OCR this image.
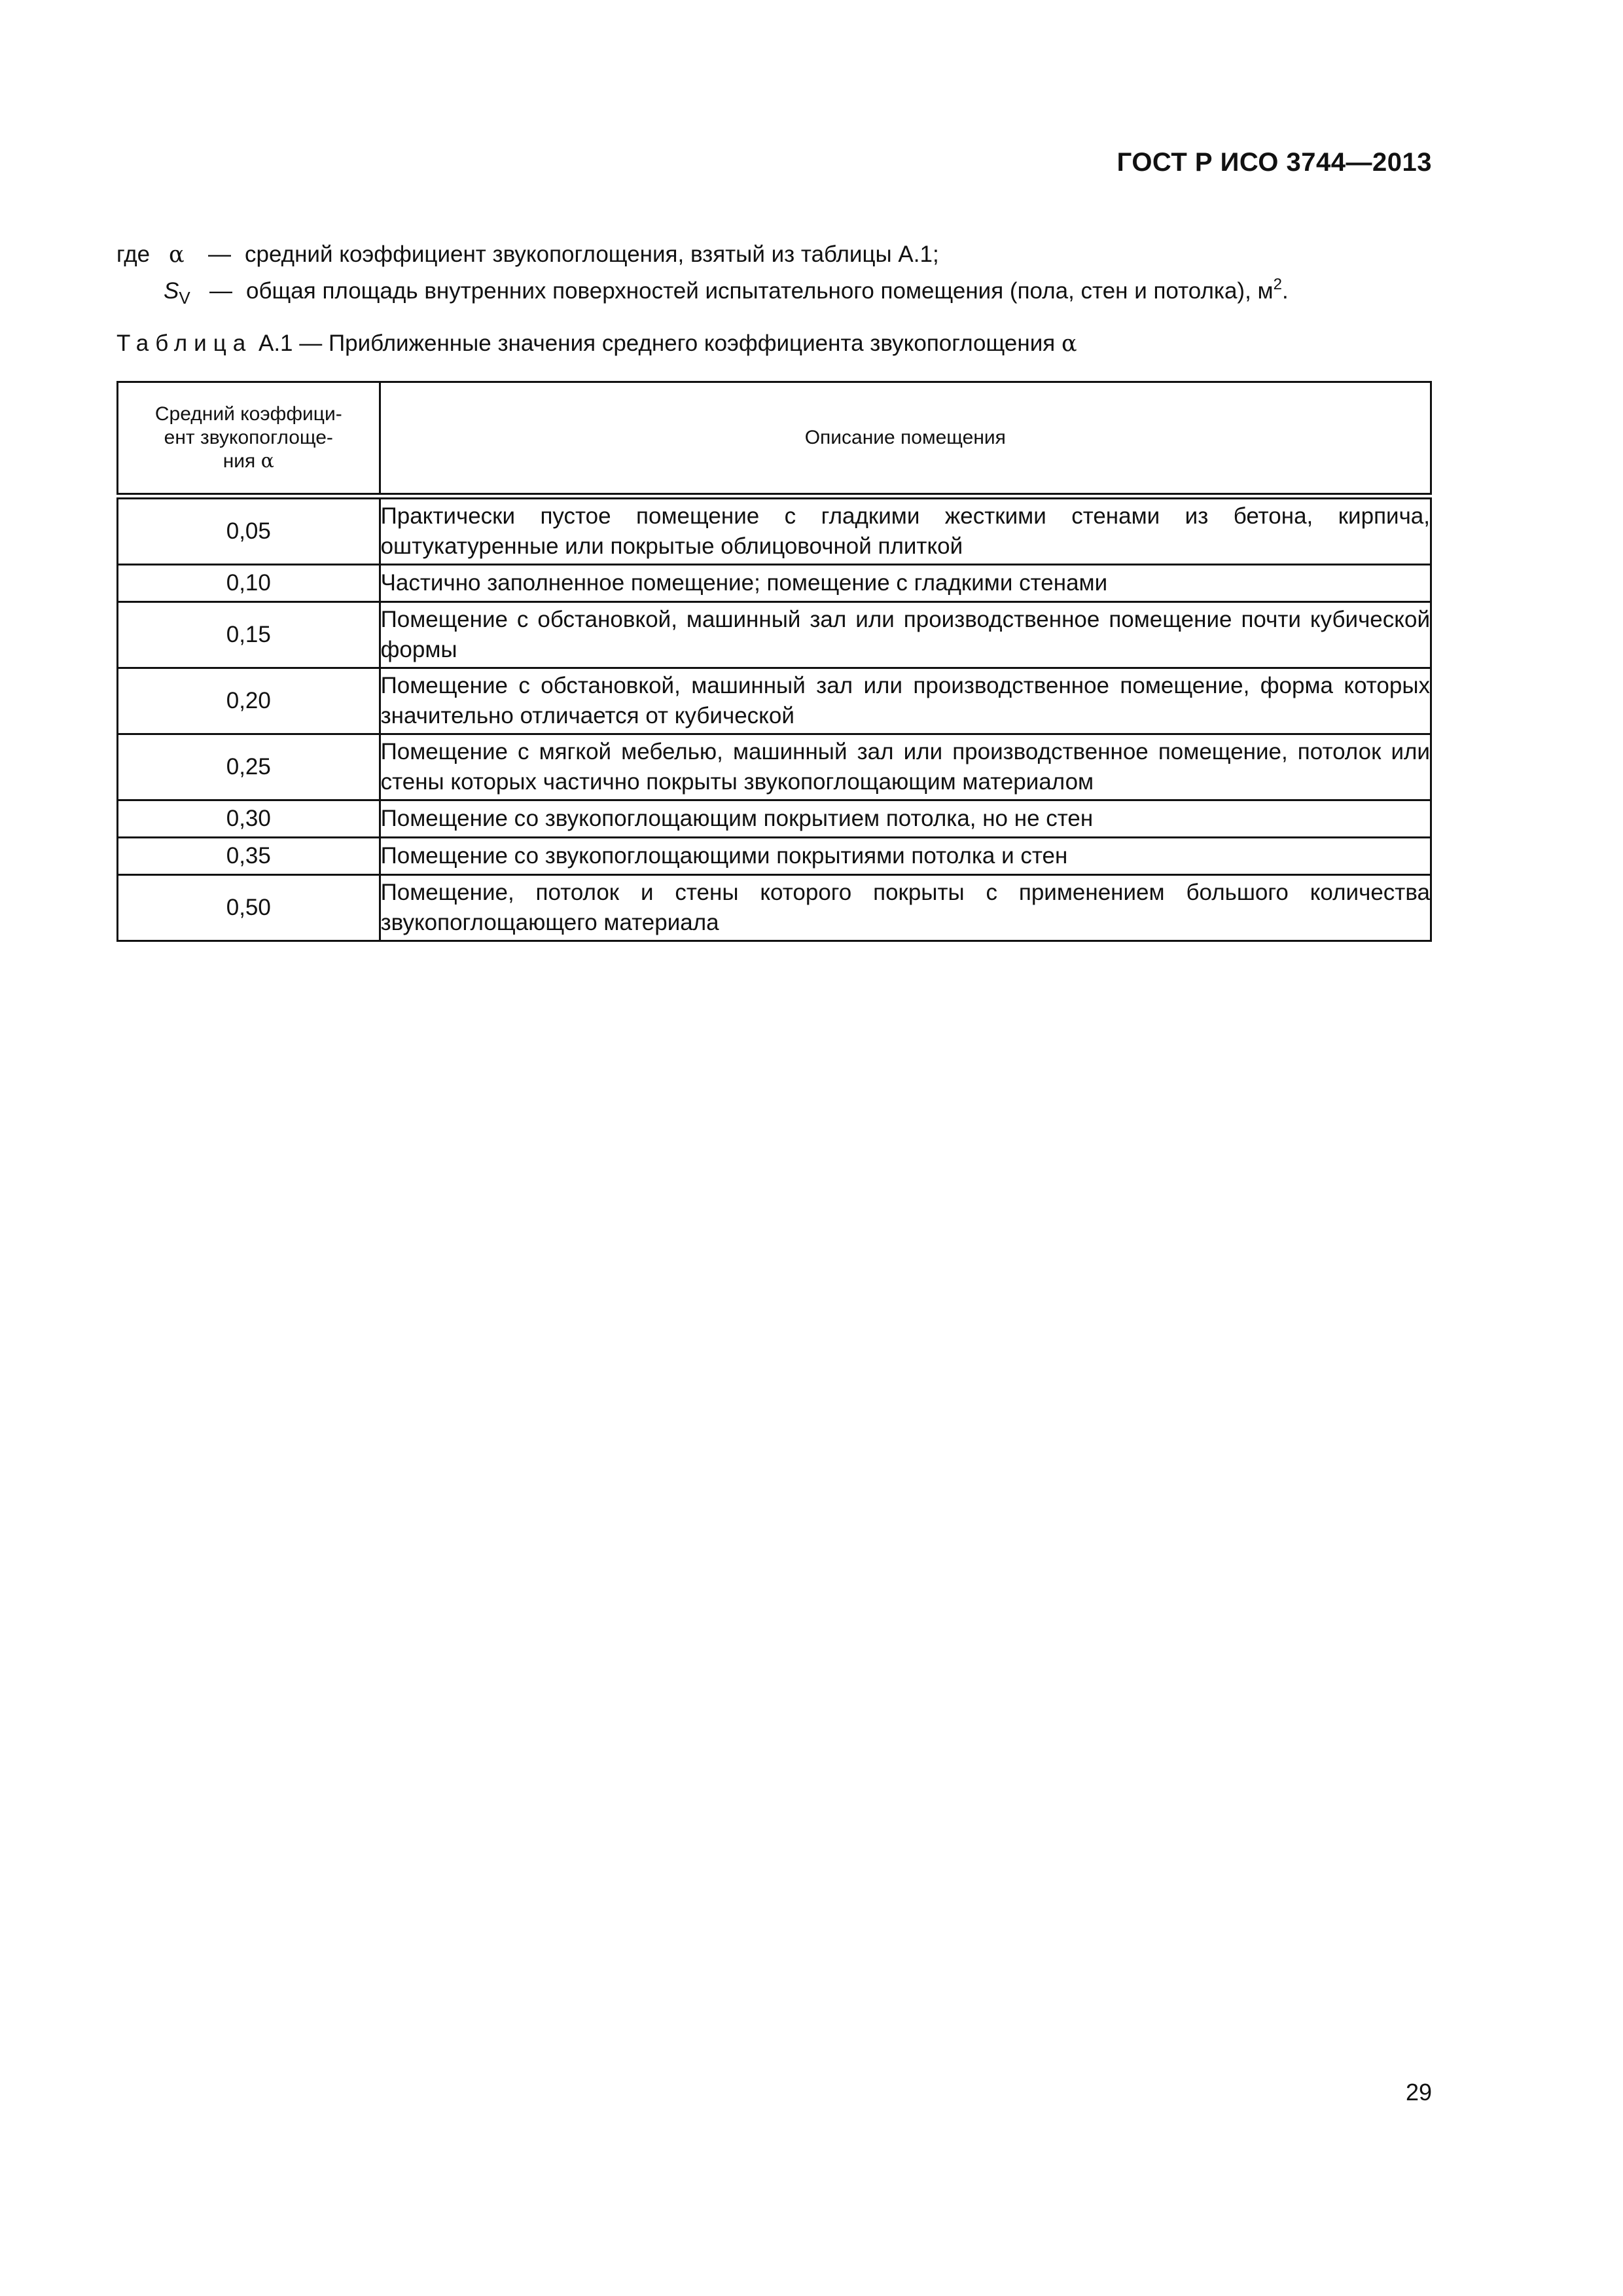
ГОСТ Р ИСО 3744—2013
где α	— средний коэффициент звукопоглощения, взятый из таблицы А.1;
$S_V$ — общая площадь внутренних поверхностей испытательного помещения (пола, стен и потолка), $м^2$.
Таблица А.1 — Приближенные значения среднего коэффициента звукопоглощения α
Средний коэффици-
ент звукопоглоще-
ния α	Описание помещения
0,05	Практически пустое помещение с гладкими жесткими стенами из бетона, кирпича, оштукатуренные или покрытые облицовочной плиткой
0,10	Частично заполненное помещение; помещение с гладкими стенами
0,15	Помещение с обстановкой, машинный зал или производственное помещение почти кубической формы
0,20	Помещение с обстановкой, машинный зал или производственное помещение, форма которых значительно отличается от кубической
0,25	Помещение с мягкой мебелью, машинный зал или производственное помещение, потолок или стены которых частично покрыты звукопоглощающим материалом
0,30	Помещение со звукопоглощающим покрытием потолка, но не стен
0,35	Помещение со звукопоглощающими покрытиями потолка и стен
0,50	Помещение, потолок и стены которого покрыты с применением большого количества звукопоглощающего материала
29
